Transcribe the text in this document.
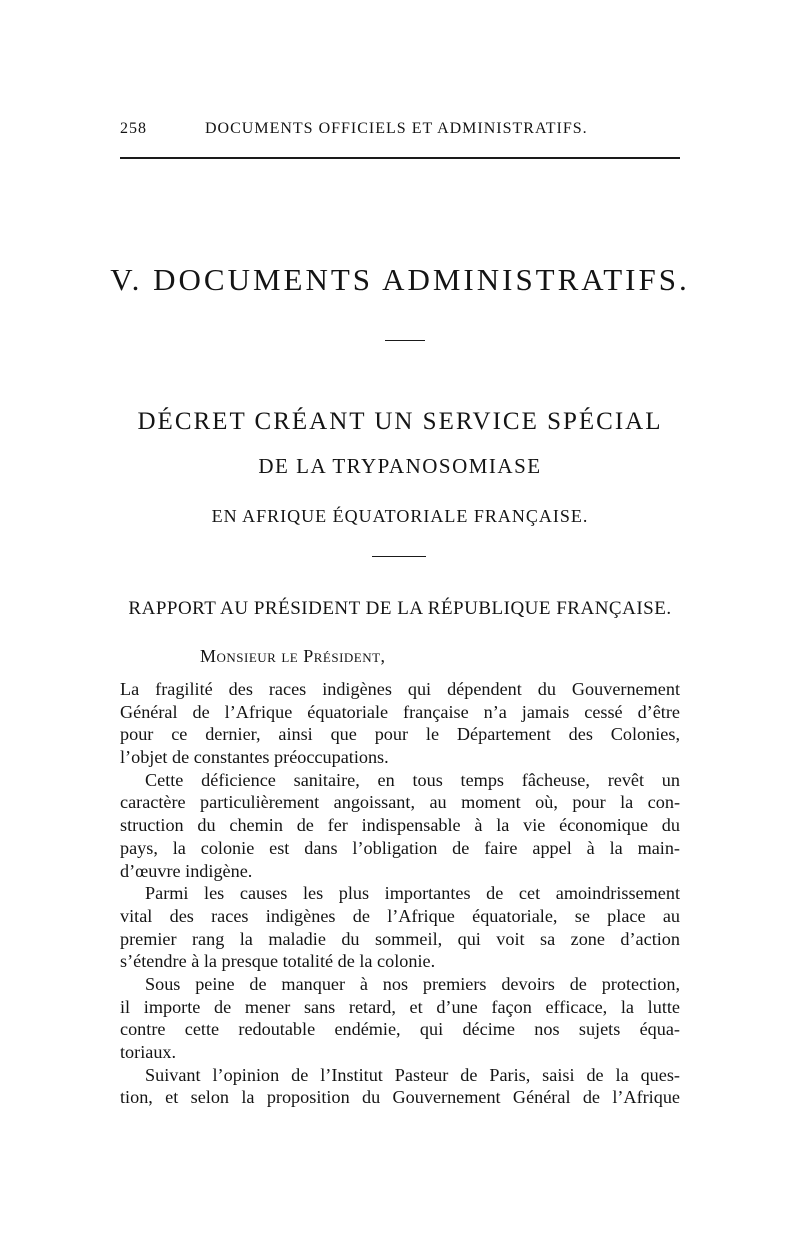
258	DOCUMENTS OFFICIELS ET ADMINISTRATIFS.
V. DOCUMENTS ADMINISTRATIFS.
DÉCRET CRÉANT UN SERVICE SPÉCIAL
DE LA TRYPANOSOMIASE
EN AFRIQUE ÉQUATORIALE FRANÇAISE.
RAPPORT AU PRÉSIDENT DE LA RÉPUBLIQUE FRANÇAISE.
Monsieur le Président,
La fragilité des races indigènes qui dépendent du Gouvernement
Général de l’Afrique équatoriale française n’a jamais cessé d’être
pour ce dernier, ainsi que pour le Département des Colonies,
l’objet de constantes préoccupations.
Cette déficience sanitaire, en tous temps fâcheuse, revêt un
caractère particulièrement angoissant, au moment où, pour la con-
struction du chemin de fer indispensable à la vie économique du
pays, la colonie est dans l’obligation de faire appel à la main-
d’œuvre indigène.
Parmi les causes les plus importantes de cet amoindrissement
vital des races indigènes de l’Afrique équatoriale, se place au
premier rang la maladie du sommeil, qui voit sa zone d’action
s’étendre à la presque totalité de la colonie.
Sous peine de manquer à nos premiers devoirs de protection,
il importe de mener sans retard, et d’une façon efficace, la lutte
contre cette redoutable endémie, qui décime nos sujets équa-
toriaux.
Suivant l’opinion de l’Institut Pasteur de Paris, saisi de la ques-
tion, et selon la proposition du Gouvernement Général de l’Afrique
